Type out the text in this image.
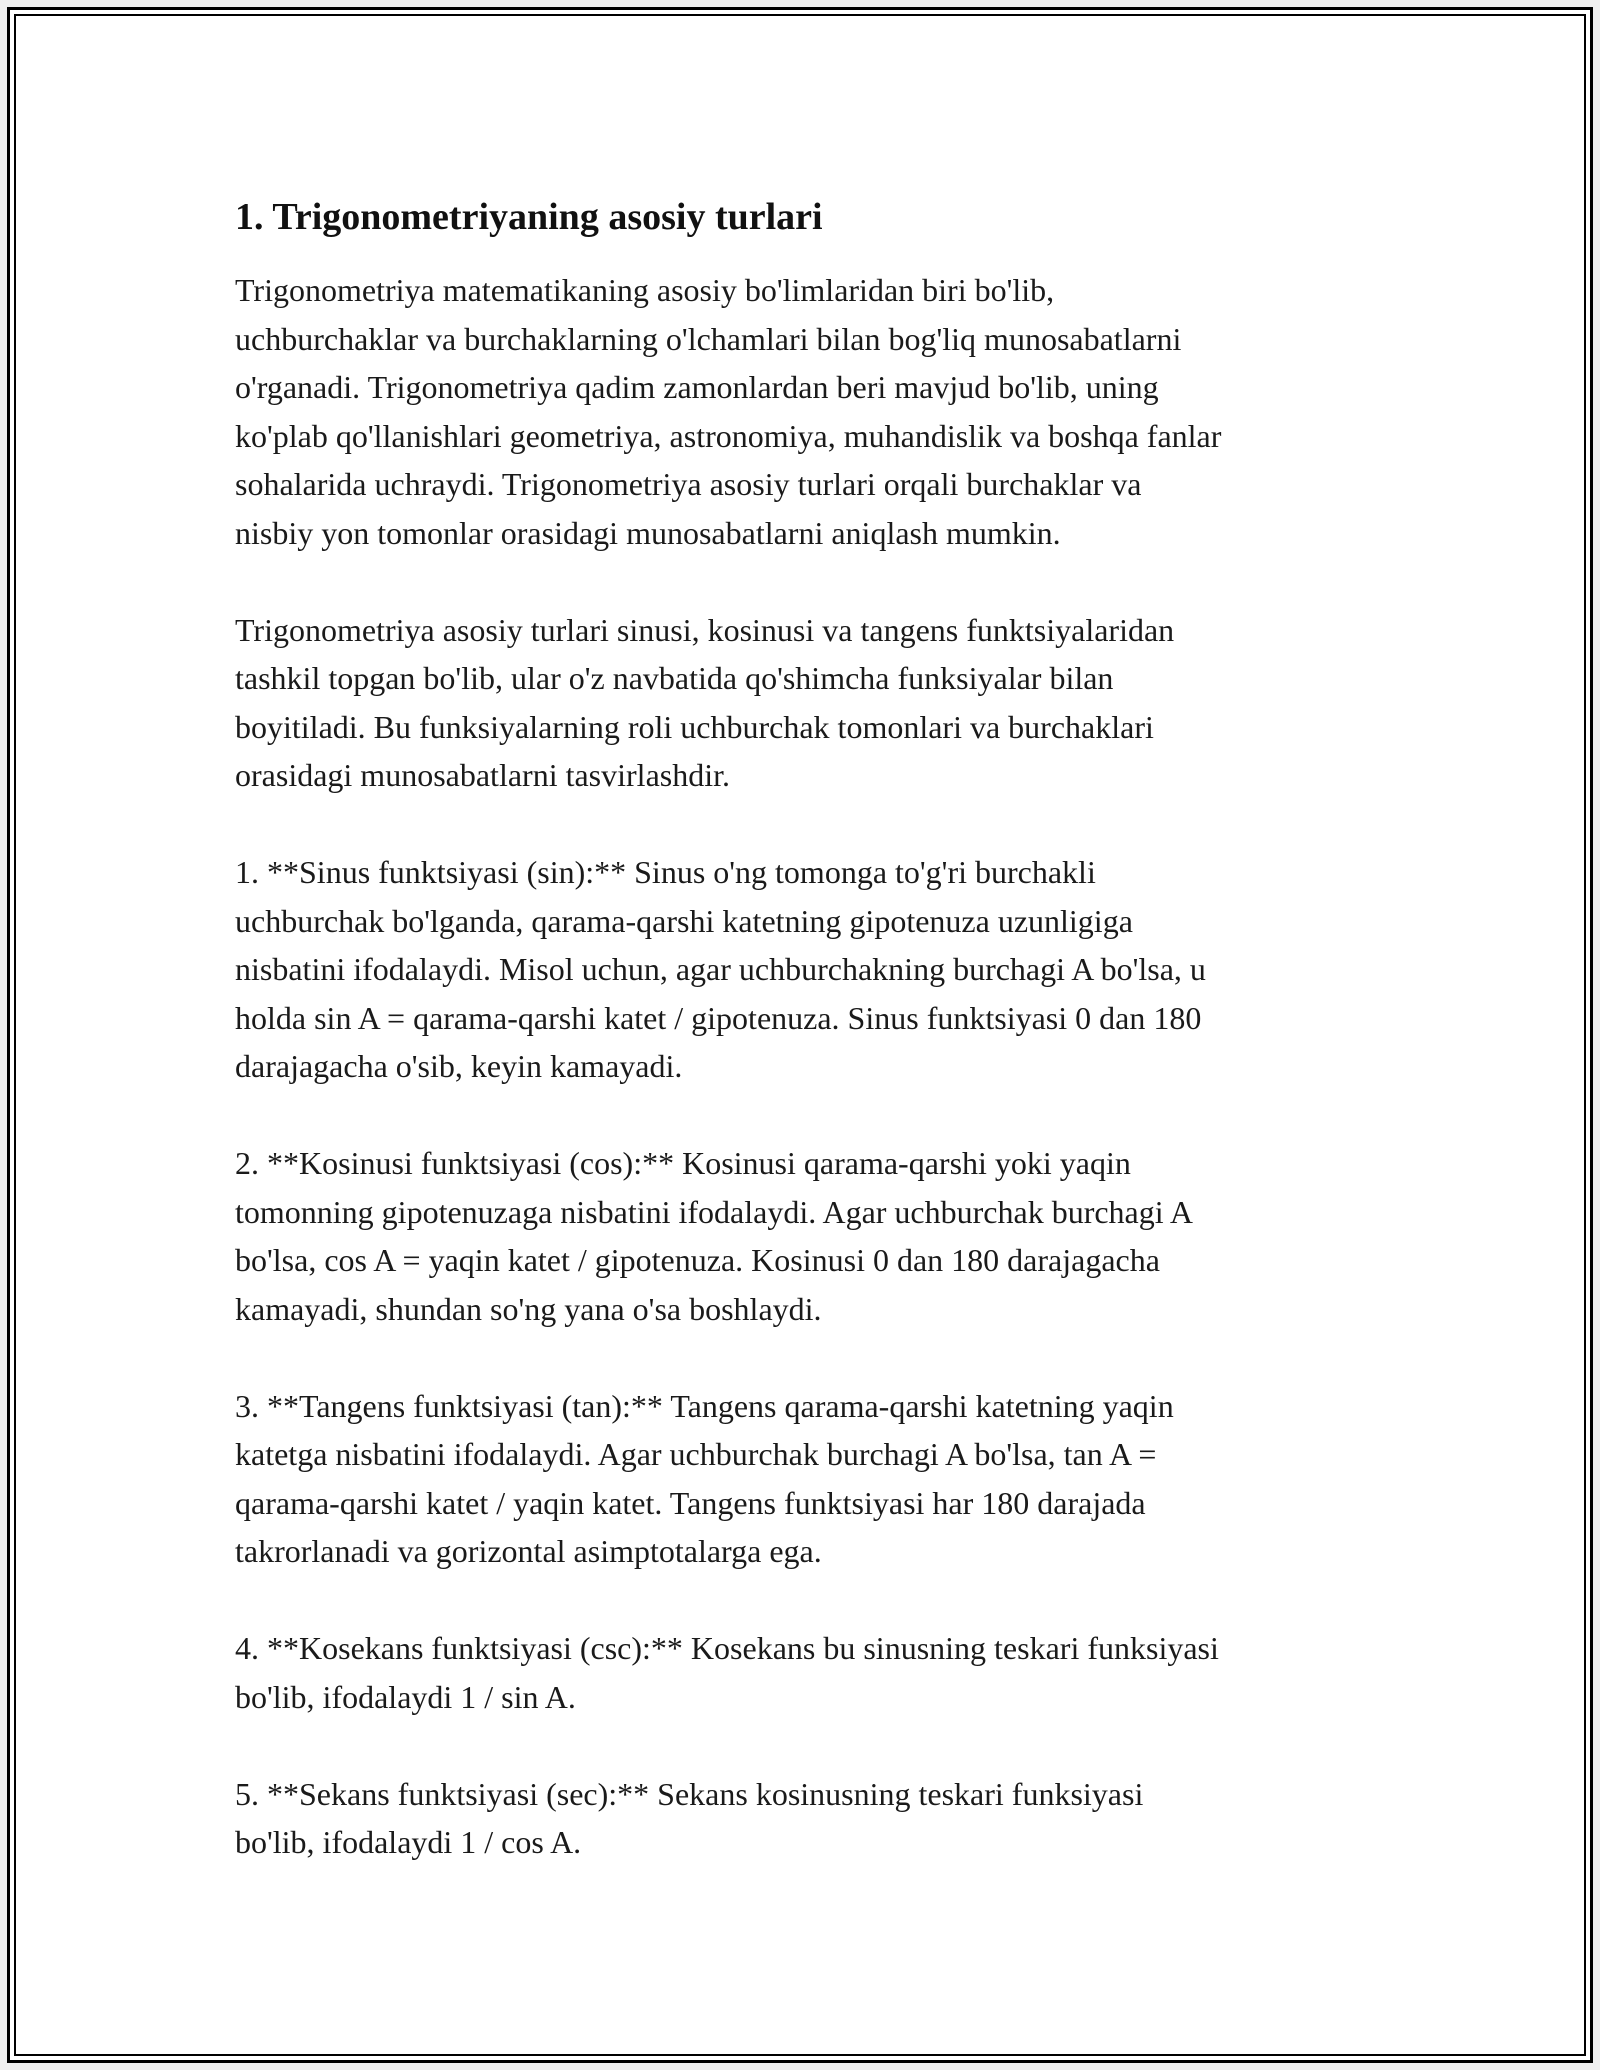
1. Trigonometriyaning asosiy turlari

Trigonometriya matematikaning asosiy bo'limlaridan biri bo'lib,
uchburchaklar va burchaklarning o'lchamlari bilan bog'liq munosabatlarni
o'rganadi. Trigonometriya qadim zamonlardan beri mavjud bo'lib, uning
ko'plab qo'llanishlari geometriya, astronomiya, muhandislik va boshqa fanlar
sohalarida uchraydi. Trigonometriya asosiy turlari orqali burchaklar va
nisbiy yon tomonlar orasidagi munosabatlarni aniqlash mumkin.

Trigonometriya asosiy turlari sinusi, kosinusi va tangens funktsiyalaridan
tashkil topgan bo'lib, ular o'z navbatida qo'shimcha funksiyalar bilan
boyitiladi. Bu funksiyalarning roli uchburchak tomonlari va burchaklari
orasidagi munosabatlarni tasvirlashdir.

1. **Sinus funktsiyasi (sin):** Sinus o'ng tomonga to'g'ri burchakli
uchburchak bo'lganda, qarama-qarshi katetning gipotenuza uzunligiga
nisbatini ifodalaydi. Misol uchun, agar uchburchakning burchagi A bo'lsa, u
holda sin A = qarama-qarshi katet / gipotenuza. Sinus funktsiyasi 0 dan 180
darajagacha o'sib, keyin kamayadi.

2. **Kosinusi funktsiyasi (cos):** Kosinusi qarama-qarshi yoki yaqin
tomonning gipotenuzaga nisbatini ifodalaydi. Agar uchburchak burchagi A
bo'lsa, cos A = yaqin katet / gipotenuza. Kosinusi 0 dan 180 darajagacha
kamayadi, shundan so'ng yana o'sa boshlaydi.

3. **Tangens funktsiyasi (tan):** Tangens qarama-qarshi katetning yaqin
katetga nisbatini ifodalaydi. Agar uchburchak burchagi A bo'lsa, tan A =
qarama-qarshi katet / yaqin katet. Tangens funktsiyasi har 180 darajada
takrorlanadi va gorizontal asimptotalarga ega.

4. **Kosekans funktsiyasi (csc):** Kosekans bu sinusning teskari funksiyasi
bo'lib, ifodalaydi 1 / sin A.

5. **Sekans funktsiyasi (sec):** Sekans kosinusning teskari funksiyasi
bo'lib, ifodalaydi 1 / cos A.
